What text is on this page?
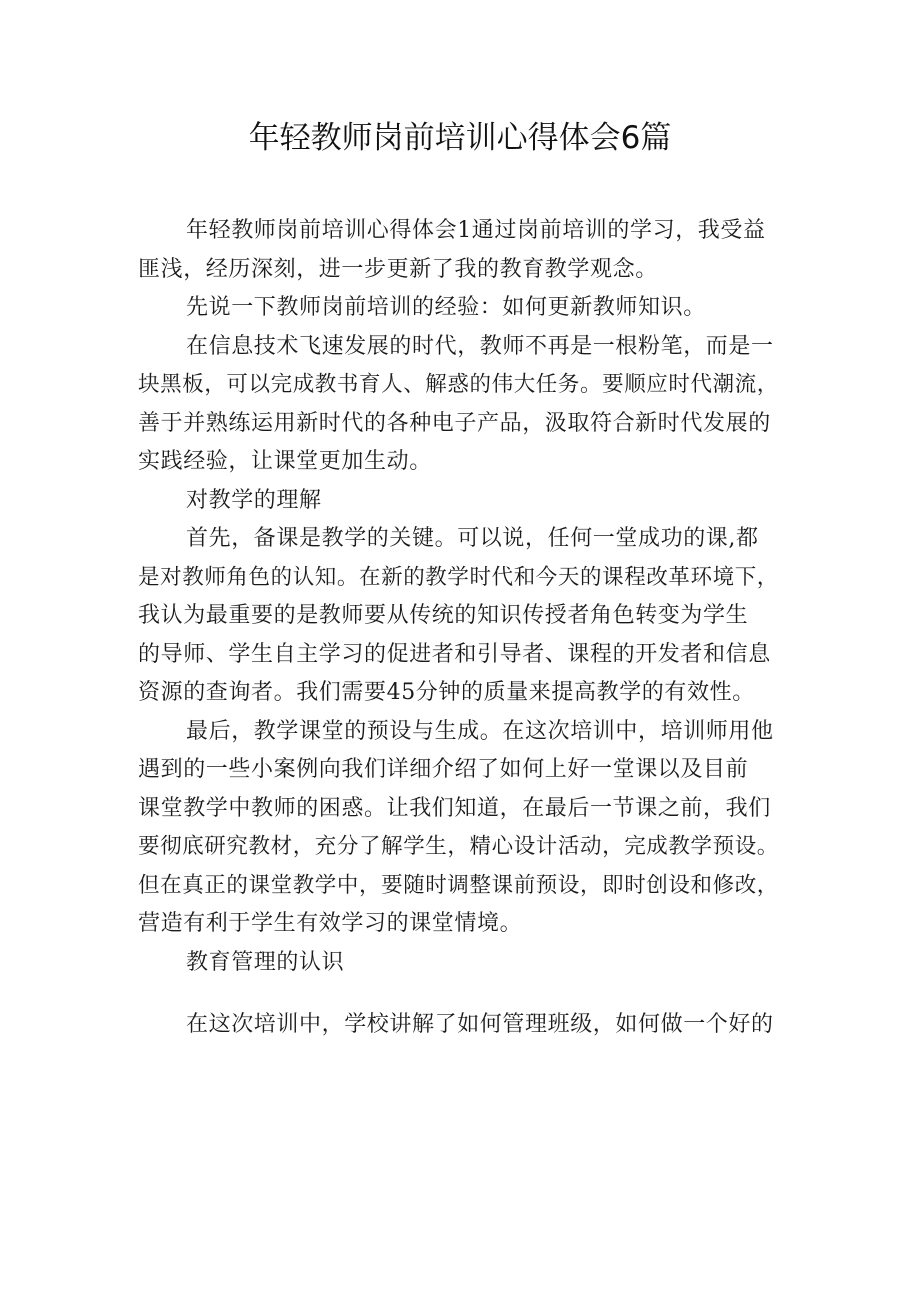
年轻教师岗前培训心得体会6篇

年轻教师岗前培训心得体会1通过岗前培训的学习，我受益
匪浅，经历深刻，进一步更新了我的教育教学观念。

先说一下教师岗前培训的经验：如何更新教师知识。

在信息技术飞速发展的时代，教师不再是一根粉笔，而是一
块黑板，可以完成教书育人、解惑的伟大任务。要顺应时代潮流，
善于并熟练运用新时代的各种电子产品，汲取符合新时代发展的
实践经验，让课堂更加生动。

对教学的理解

首先，备课是教学的关键。可以说，任何一堂成功的课,都
是对教师角色的认知。在新的教学时代和今天的课程改革环境下，
我认为最重要的是教师要从传统的知识传授者角色转变为学生
的导师、学生自主学习的促进者和引导者、课程的开发者和信息
资源的查询者。我们需要45分钟的质量来提高教学的有效性。

最后，教学课堂的预设与生成。在这次培训中，培训师用他
遇到的一些小案例向我们详细介绍了如何上好一堂课以及目前
课堂教学中教师的困惑。让我们知道，在最后一节课之前，我们
要彻底研究教材，充分了解学生，精心设计活动，完成教学预设。
但在真正的课堂教学中，要随时调整课前预设，即时创设和修改，
营造有利于学生有效学习的课堂情境。

教育管理的认识

在这次培训中，学校讲解了如何管理班级，如何做一个好的
